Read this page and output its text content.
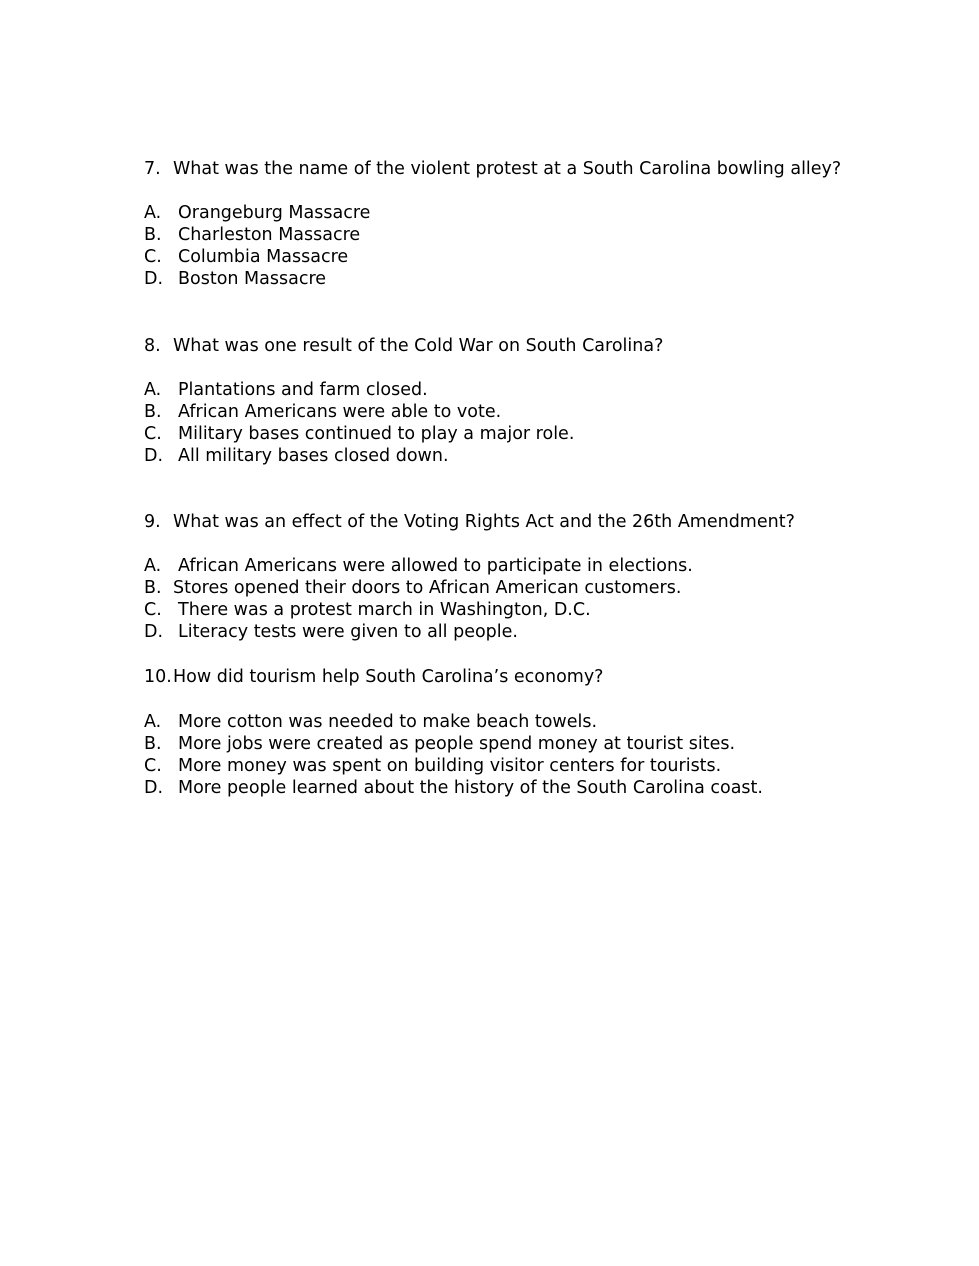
7. What was the name of the violent protest at a South Carolina bowling alley?
A. Orangeburg Massacre
B. Charleston Massacre
C. Columbia Massacre
D. Boston Massacre
8. What was one result of the Cold War on South Carolina?
A. Plantations and farm closed.
B. African Americans were able to vote.
C. Military bases continued to play a major role.
D. All military bases closed down.
9. What was an effect of the Voting Rights Act and the 26th Amendment?
A. African Americans were allowed to participate in elections.
B. Stores opened their doors to African American customers.
C. There was a protest march in Washington, D.C.
D. Literacy tests were given to all people.
10. How did tourism help South Carolina’s economy?
A. More cotton was needed to make beach towels.
B. More jobs were created as people spend money at tourist sites.
C. More money was spent on building visitor centers for tourists.
D. More people learned about the history of the South Carolina coast.
